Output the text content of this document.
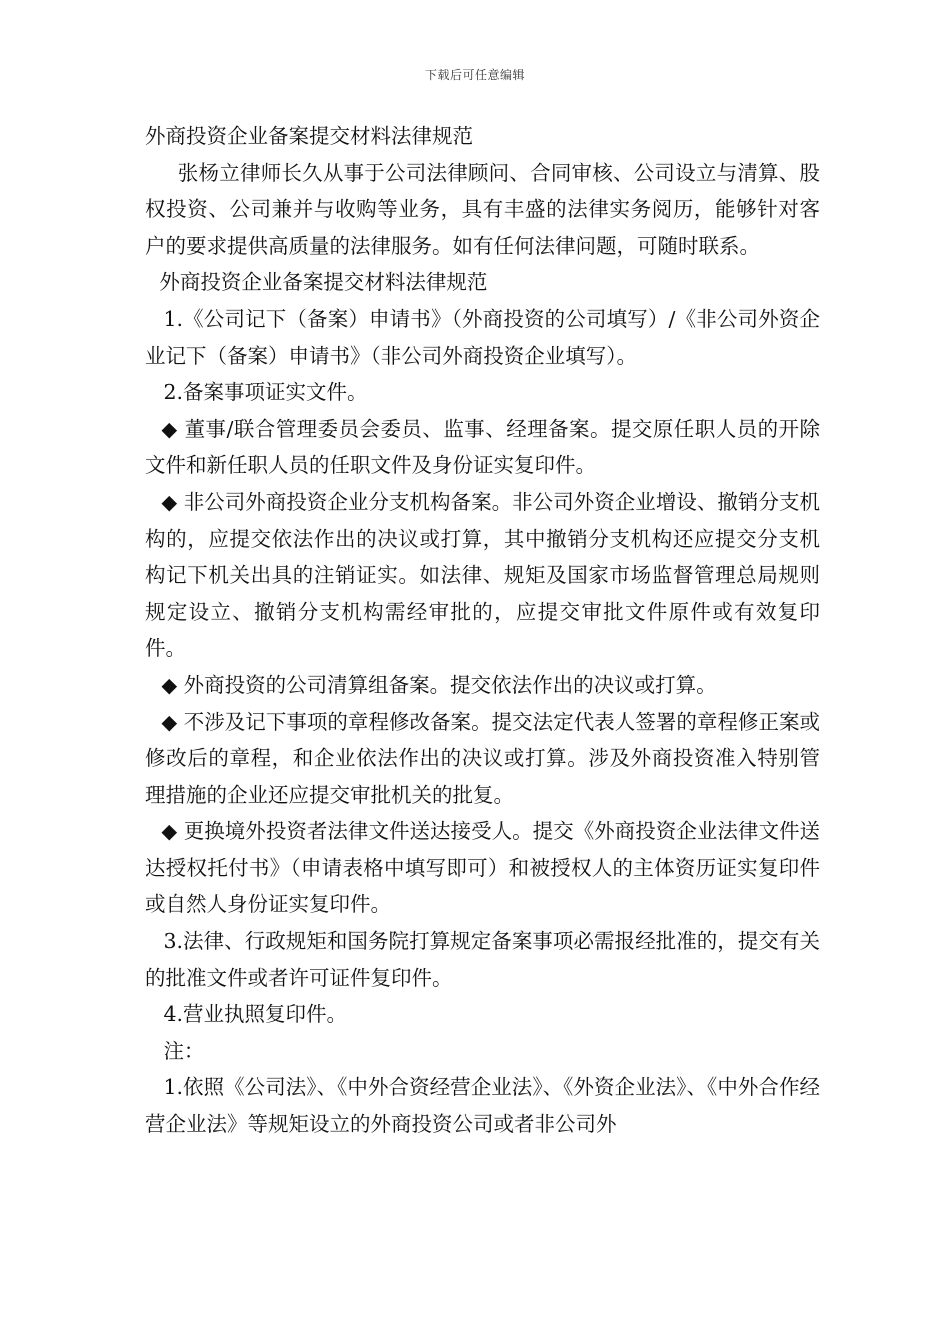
下载后可任意编辑

外商投资企业备案提交材料法律规范

张杨立律师长久从事于公司法律顾问、合同审核、公司设立与清算、股权投资、公司兼并与收购等业务，具有丰盛的法律实务阅历，能够针对客户的要求提供高质量的法律服务。如有任何法律问题，可随时联系。

外商投资企业备案提交材料法律规范

1.《公司记下（备案）申请书》（外商投资的公司填写）/《非公司外资企业记下（备案）申请书》（非公司外商投资企业填写）。

2.备案事项证实文件。

◆ 董事/联合管理委员会委员、监事、经理备案。提交原任职人员的开除文件和新任职人员的任职文件及身份证实复印件。

◆ 非公司外商投资企业分支机构备案。非公司外资企业增设、撤销分支机构的，应提交依法作出的决议或打算，其中撤销分支机构还应提交分支机构记下机关出具的注销证实。如法律、规矩及国家市场监督管理总局规则规定设立、撤销分支机构需经审批的，应提交审批文件原件或有效复印件。

◆ 外商投资的公司清算组备案。提交依法作出的决议或打算。

◆ 不涉及记下事项的章程修改备案。提交法定代表人签署的章程修正案或修改后的章程，和企业依法作出的决议或打算。涉及外商投资准入特别管理措施的企业还应提交审批机关的批复。

◆ 更换境外投资者法律文件送达接受人。提交《外商投资企业法律文件送达授权托付书》（申请表格中填写即可）和被授权人的主体资历证实复印件或自然人身份证实复印件。

3.法律、行政规矩和国务院打算规定备案事项必需报经批准的，提交有关的批准文件或者许可证件复印件。

4.营业执照复印件。

注：

1.依照《公司法》、《中外合资经营企业法》、《外资企业法》、《中外合作经营企业法》等规矩设立的外商投资公司或者非公司外
